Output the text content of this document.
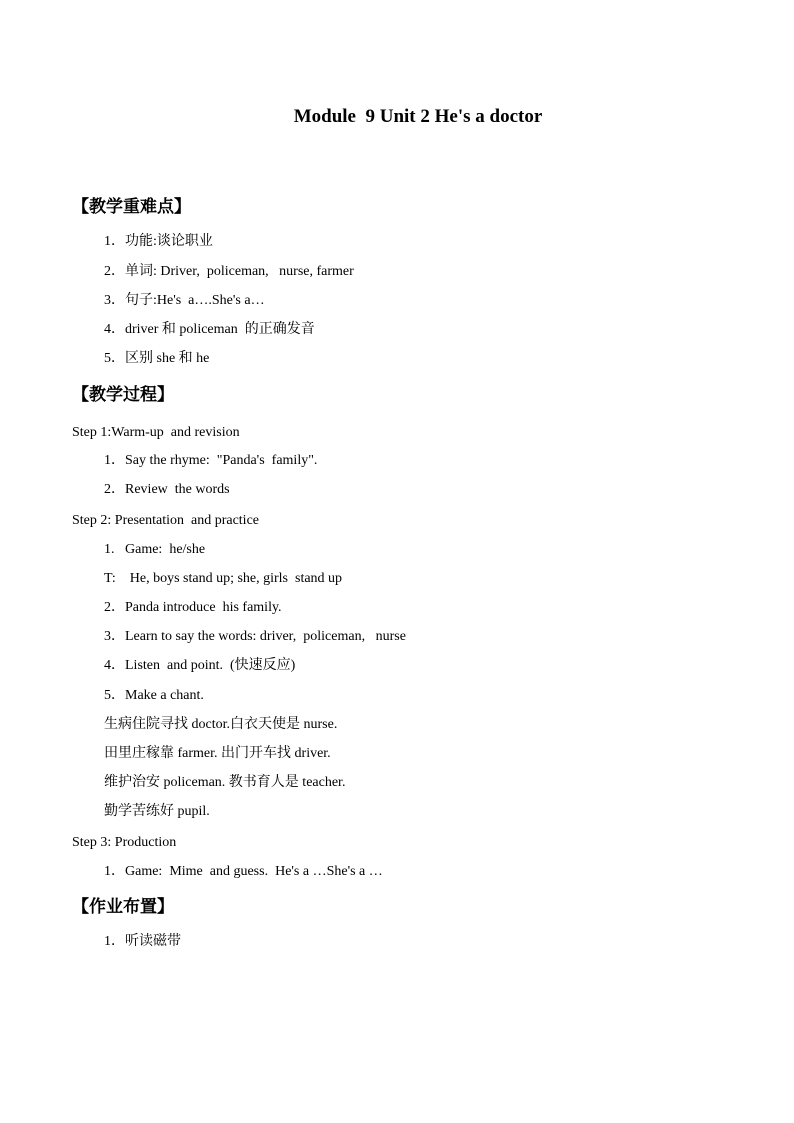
Module  9 Unit 2 He's a doctor
【教学重难点】
1．功能:谈论职业
2．单词: Driver,  policeman,   nurse, farmer
3．句子:He's  a….She's a…
4．driver 和 policeman  的正确发音
5．区别 she 和 he
【教学过程】
Step 1:Warm-up  and revision
1．Say the rhyme:  "Panda's  family".
2．Review  the words
Step 2: Presentation  and practice
1.   Game:  he/she
T:    He, boys stand up; she, girls  stand up
2．Panda introduce  his family.
3．Learn to say the words: driver,  policeman,   nurse
4．Listen  and point.  (快速反应)
5．Make a chant.
生病住院寻找 doctor.白衣天使是 nurse.
田里庄稼靠 farmer. 出门开车找 driver.
维护治安 policeman. 教书育人是 teacher.
勤学苦练好 pupil.
Step 3: Production
1．Game:  Mime  and guess.  He's a …She's a …
【作业布置】
1．听读磁带
